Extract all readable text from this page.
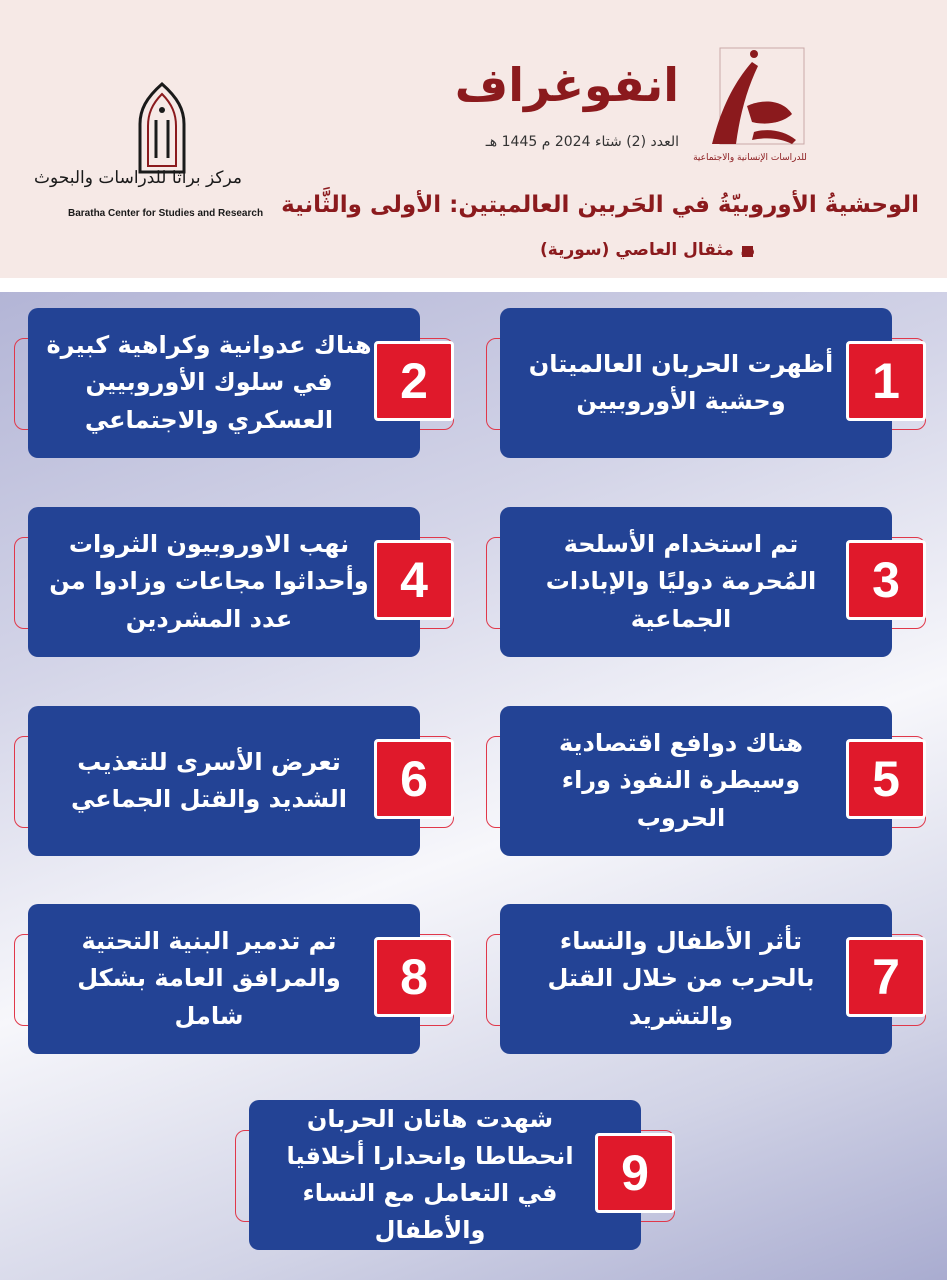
انفوغراف
العدد (2) شتاء 2024 م 1445 هـ
للدراسات الإنسانية والاجتماعية
مركز براثا للدراسات والبحوث
Baratha Center for Studies and Research الوحشيةُ الأوروبيّةُ في الحَربين العالميتين: الأولى والثَّانية
د. مثقال العاصي (سورية)
أظهرت الحربان العالميتان وحشية الأوروبيين	1
هناك عدوانية وكراهية كبيرة في سلوك الأوروبيين العسكري والاجتماعي
2
تم استخدام الأسلحة المُحرمة دوليًا والإبادات الجماعية
3
نهب الاوروبيون الثروات وأحداثوا مجاعات وزادوا من عدد المشردين
4
هناك دوافع اقتصادية وسيطرة النفوذ وراء الحروب
5
تعرض الأسرى للتعذيب الشديد والقتل الجماعي	6
تأثر الأطفال والنساء بالحرب من خلال القتل والتشريد
7
تم تدمير البنية التحتية والمرافق العامة بشكل شامل
8
شهدت هاتان الحربان انحطاطا وانحدارا أخلاقيا في التعامل مع النساء والأطفال
9
